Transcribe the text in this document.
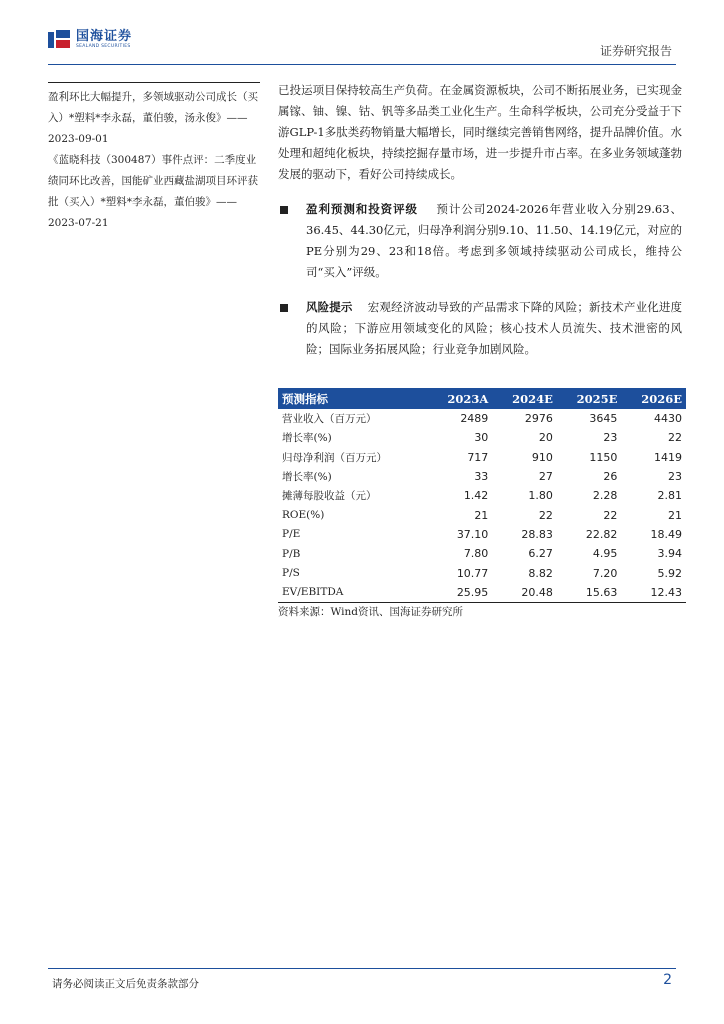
国海证券
SEALAND SECURITIES	证券研究报告

盈利环比大幅提升，多领域驱动公司成长（买入）*塑料*李永磊，董伯骏，汤永俊》——2023-09-01

《蓝晓科技（300487）事件点评：二季度业绩同环比改善，国能矿业西藏盐湖项目环评获批（买入）*塑料*李永磊，董伯骏》——2023-07-21

已投运项目保持较高生产负荷。在金属资源板块，公司不断拓展业务，已实现金属镓、铀、镍、钴、钒等多品类工业化生产。生命科学板块，公司充分受益于下游GLP-1多肽类药物销量大幅增长，同时继续完善销售网络，提升品牌价值。水处理和超纯化板块，持续挖掘存量市场，进一步提升市占率。在多业务领域蓬勃发展的驱动下，看好公司持续成长。

盈利预测和投资评级 预计公司2024-2026年营业收入分别29.63、36.45、44.30亿元，归母净利润分别9.10、11.50、14.19亿元，对应的PE分别为29、23和18倍。考虑到多领域持续驱动公司成长，维持公司“买入”评级。

风险提示 宏观经济波动导致的产品需求下降的风险；新技术产业化进度的风险；下游应用领域变化的风险；核心技术人员流失、技术泄密的风险；国际业务拓展风险；行业竞争加剧风险。

预测指标	2023A	2024E	2025E	2026E
营业收入（百万元）	2489	2976	3645	4430
增长率(%)	30	20	23	22
归母净利润（百万元）	717	910	1150	1419
增长率(%)	33	27	26	23
摊薄每股收益（元）	1.42	1.80	2.28	2.81
ROE(%)	21	22	22	21
P/E	37.10	28.83	22.82	18.49
P/B	7.80	6.27	4.95	3.94
P/S	10.77	8.82	7.20	5.92
EV/EBITDA	25.95	20.48	15.63	12.43
资料来源：Wind资讯、国海证券研究所
请务必阅读正文后免责条款部分	2
